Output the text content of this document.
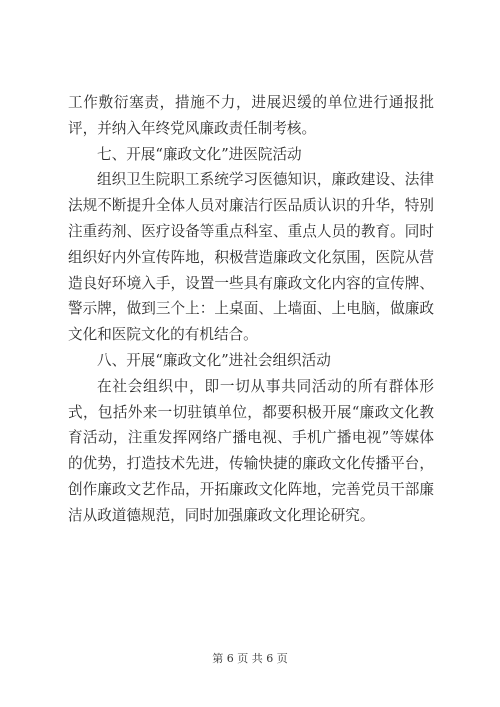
工作敷衍塞责，措施不力，进展迟缓的单位进行通报批评，并纳入年终党风廉政责任制考核。

七、开展“廉政文化”进医院活动

组织卫生院职工系统学习医德知识，廉政建设、法律法规不断提升全体人员对廉洁行医品质认识的升华，特别注重药剂、医疗设备等重点科室、重点人员的教育。同时组织好内外宣传阵地，积极营造廉政文化氛围，医院从营造良好环境入手，设置一些具有廉政文化内容的宣传牌、警示牌，做到三个上：上桌面、上墙面、上电脑，做廉政文化和医院文化的有机结合。

八、开展“廉政文化”进社会组织活动

在社会组织中，即一切从事共同活动的所有群体形式，包括外来一切驻镇单位，都要积极开展“廉政文化教育活动，注重发挥网络广播电视、手机广播电视”等媒体的优势，打造技术先进，传输快捷的廉政文化传播平台，创作廉政文艺作品，开拓廉政文化阵地，完善党员干部廉洁从政道德规范，同时加强廉政文化理论研究。

第 6 页 共 6 页
